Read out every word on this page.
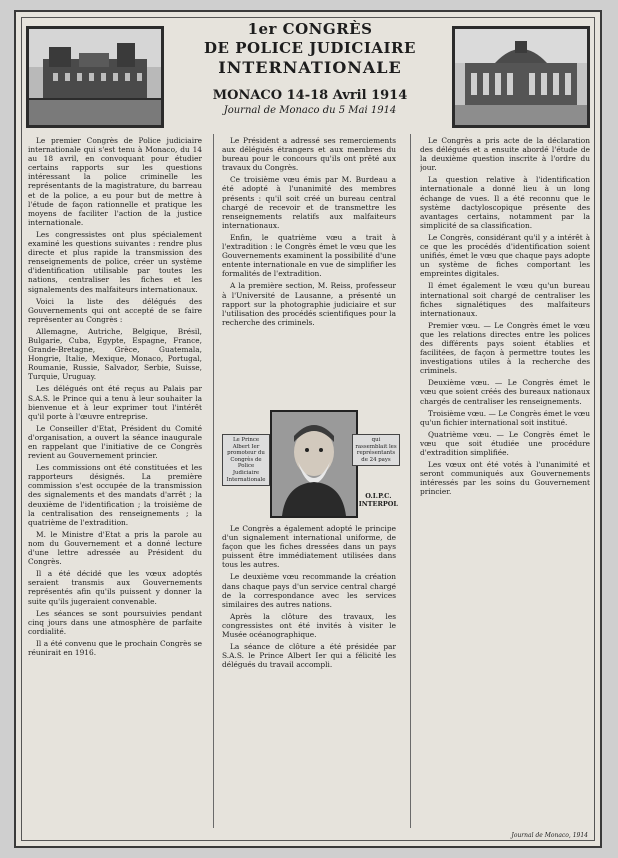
1er CONGRÈS
DE POLICE JUDICIAIRE
INTERNATIONALE
MONACO 14-18 Avril 1914
Journal de Monaco du 5 Mai 1914

Le premier Congrès de Police judiciaire internationale qui s'est tenu à Monaco, du 14 au 18 avril, en convoquant pour étudier certains rapports sur les questions intéressant la police criminelle les représentants de la magistrature, du barreau et de la police, a eu pour but de mettre à l'étude de façon rationnelle et pratique les moyens de faciliter l'action de la justice internationale.

Les congressistes ont plus spécialement examiné les questions suivantes : rendre plus directe et plus rapide la transmission des renseignements de police, créer un système d'identification utilisable par toutes les nations, centraliser les fiches et les signalements des malfaiteurs internationaux.

Voici la liste des délégués des Gouvernements qui ont accepté de se faire représenter au Congrès :

Allemagne, Autriche, Belgique, Brésil, Bulgarie, Cuba, Egypte, Espagne, France, Grande-Bretagne, Grèce, Guatemala, Hongrie, Italie, Mexique, Monaco, Portugal, Roumanie, Russie, Salvador, Serbie, Suisse, Turquie, Uruguay.

Les délégués ont été reçus au Palais par S.A.S. le Prince qui a tenu à leur souhaiter la bienvenue et à leur exprimer tout l'intérêt qu'il porte à l'œuvre entreprise.

Le Conseiller d'Etat, Président du Comité d'organisation, a ouvert la séance inaugurale en rappelant que l'initiative de ce Congrès revient au Gouvernement princier.

Les commissions ont été constituées et les rapporteurs désignés. La première commission s'est occupée de la transmission des signalements et des mandats d'arrêt ; la deuxième de l'identification ; la troisième de la centralisation des renseignements ; la quatrième de l'extradition.

M. le Ministre d'Etat a pris la parole au nom du Gouvernement et a donné lecture d'une lettre adressée au Président du Congrès.

Il a été décidé que les vœux adoptés seraient transmis aux Gouvernements représentés afin qu'ils puissent y donner la suite qu'ils jugeraient convenable.

Les séances se sont poursuivies pendant cinq jours dans une atmosphère de parfaite cordialité.

Il a été convenu que le prochain Congrès se réunirait en 1916.

Le Président a adressé ses remerciements aux délégués étrangers et aux membres du bureau pour le concours qu'ils ont prêté aux travaux du Congrès.

Ce troisième vœu émis par M. Burdeau a été adopté à l'unanimité des membres présents : qu'il soit créé un bureau central chargé de recevoir et de transmettre les renseignements relatifs aux malfaiteurs internationaux.

Enfin, le quatrième vœu a trait à l'extradition : le Congrès émet le vœu que les Gouvernements examinent la possibilité d'une entente internationale en vue de simplifier les formalités de l'extradition.

A la première section, M. Reiss, professeur à l'Université de Lausanne, a présenté un rapport sur la photographie judiciaire et sur l'utilisation des procédés scientifiques pour la recherche des criminels.

Le Prince Albert Ier promoteur du Congrès de Police Judiciaire Internationale
qui rassemblait les représentants de 24 pays
O.I.P.C.
INTERPOL

Le Congrès a également adopté le principe d'un signalement international uniforme, de façon que les fiches dressées dans un pays puissent être immédiatement utilisées dans tous les autres.

Le deuxième vœu recommande la création dans chaque pays d'un service central chargé de la correspondance avec les services similaires des autres nations.

Après la clôture des travaux, les congressistes ont été invités à visiter le Musée océanographique.

La séance de clôture a été présidée par S.A.S. le Prince Albert Ier qui a félicité les délégués du travail accompli.

Le Congrès a pris acte de la déclaration des délégués et a ensuite abordé l'étude de la deuxième question inscrite à l'ordre du jour.

La question relative à l'identification internationale a donné lieu à un long échange de vues. Il a été reconnu que le système dactyloscopique présente des avantages certains, notamment par la simplicité de sa classification.

Le Congrès, considérant qu'il y a intérêt à ce que les procédés d'identification soient unifiés, émet le vœu que chaque pays adopte un système de fiches comportant les empreintes digitales.

Il émet également le vœu qu'un bureau international soit chargé de centraliser les fiches signalétiques des malfaiteurs internationaux.

Premier vœu. — Le Congrès émet le vœu que les relations directes entre les polices des différents pays soient établies et facilitées, de façon à permettre toutes les investigations utiles à la recherche des criminels.

Deuxième vœu. — Le Congrès émet le vœu que soient créés des bureaux nationaux chargés de centraliser les renseignements.

Troisième vœu. — Le Congrès émet le vœu qu'un fichier international soit institué.

Quatrième vœu. — Le Congrès émet le vœu que soit étudiée une procédure d'extradition simplifiée.

Les vœux ont été votés à l'unanimité et seront communiqués aux Gouvernements intéressés par les soins du Gouvernement princier.

Journal de Monaco, 1914
